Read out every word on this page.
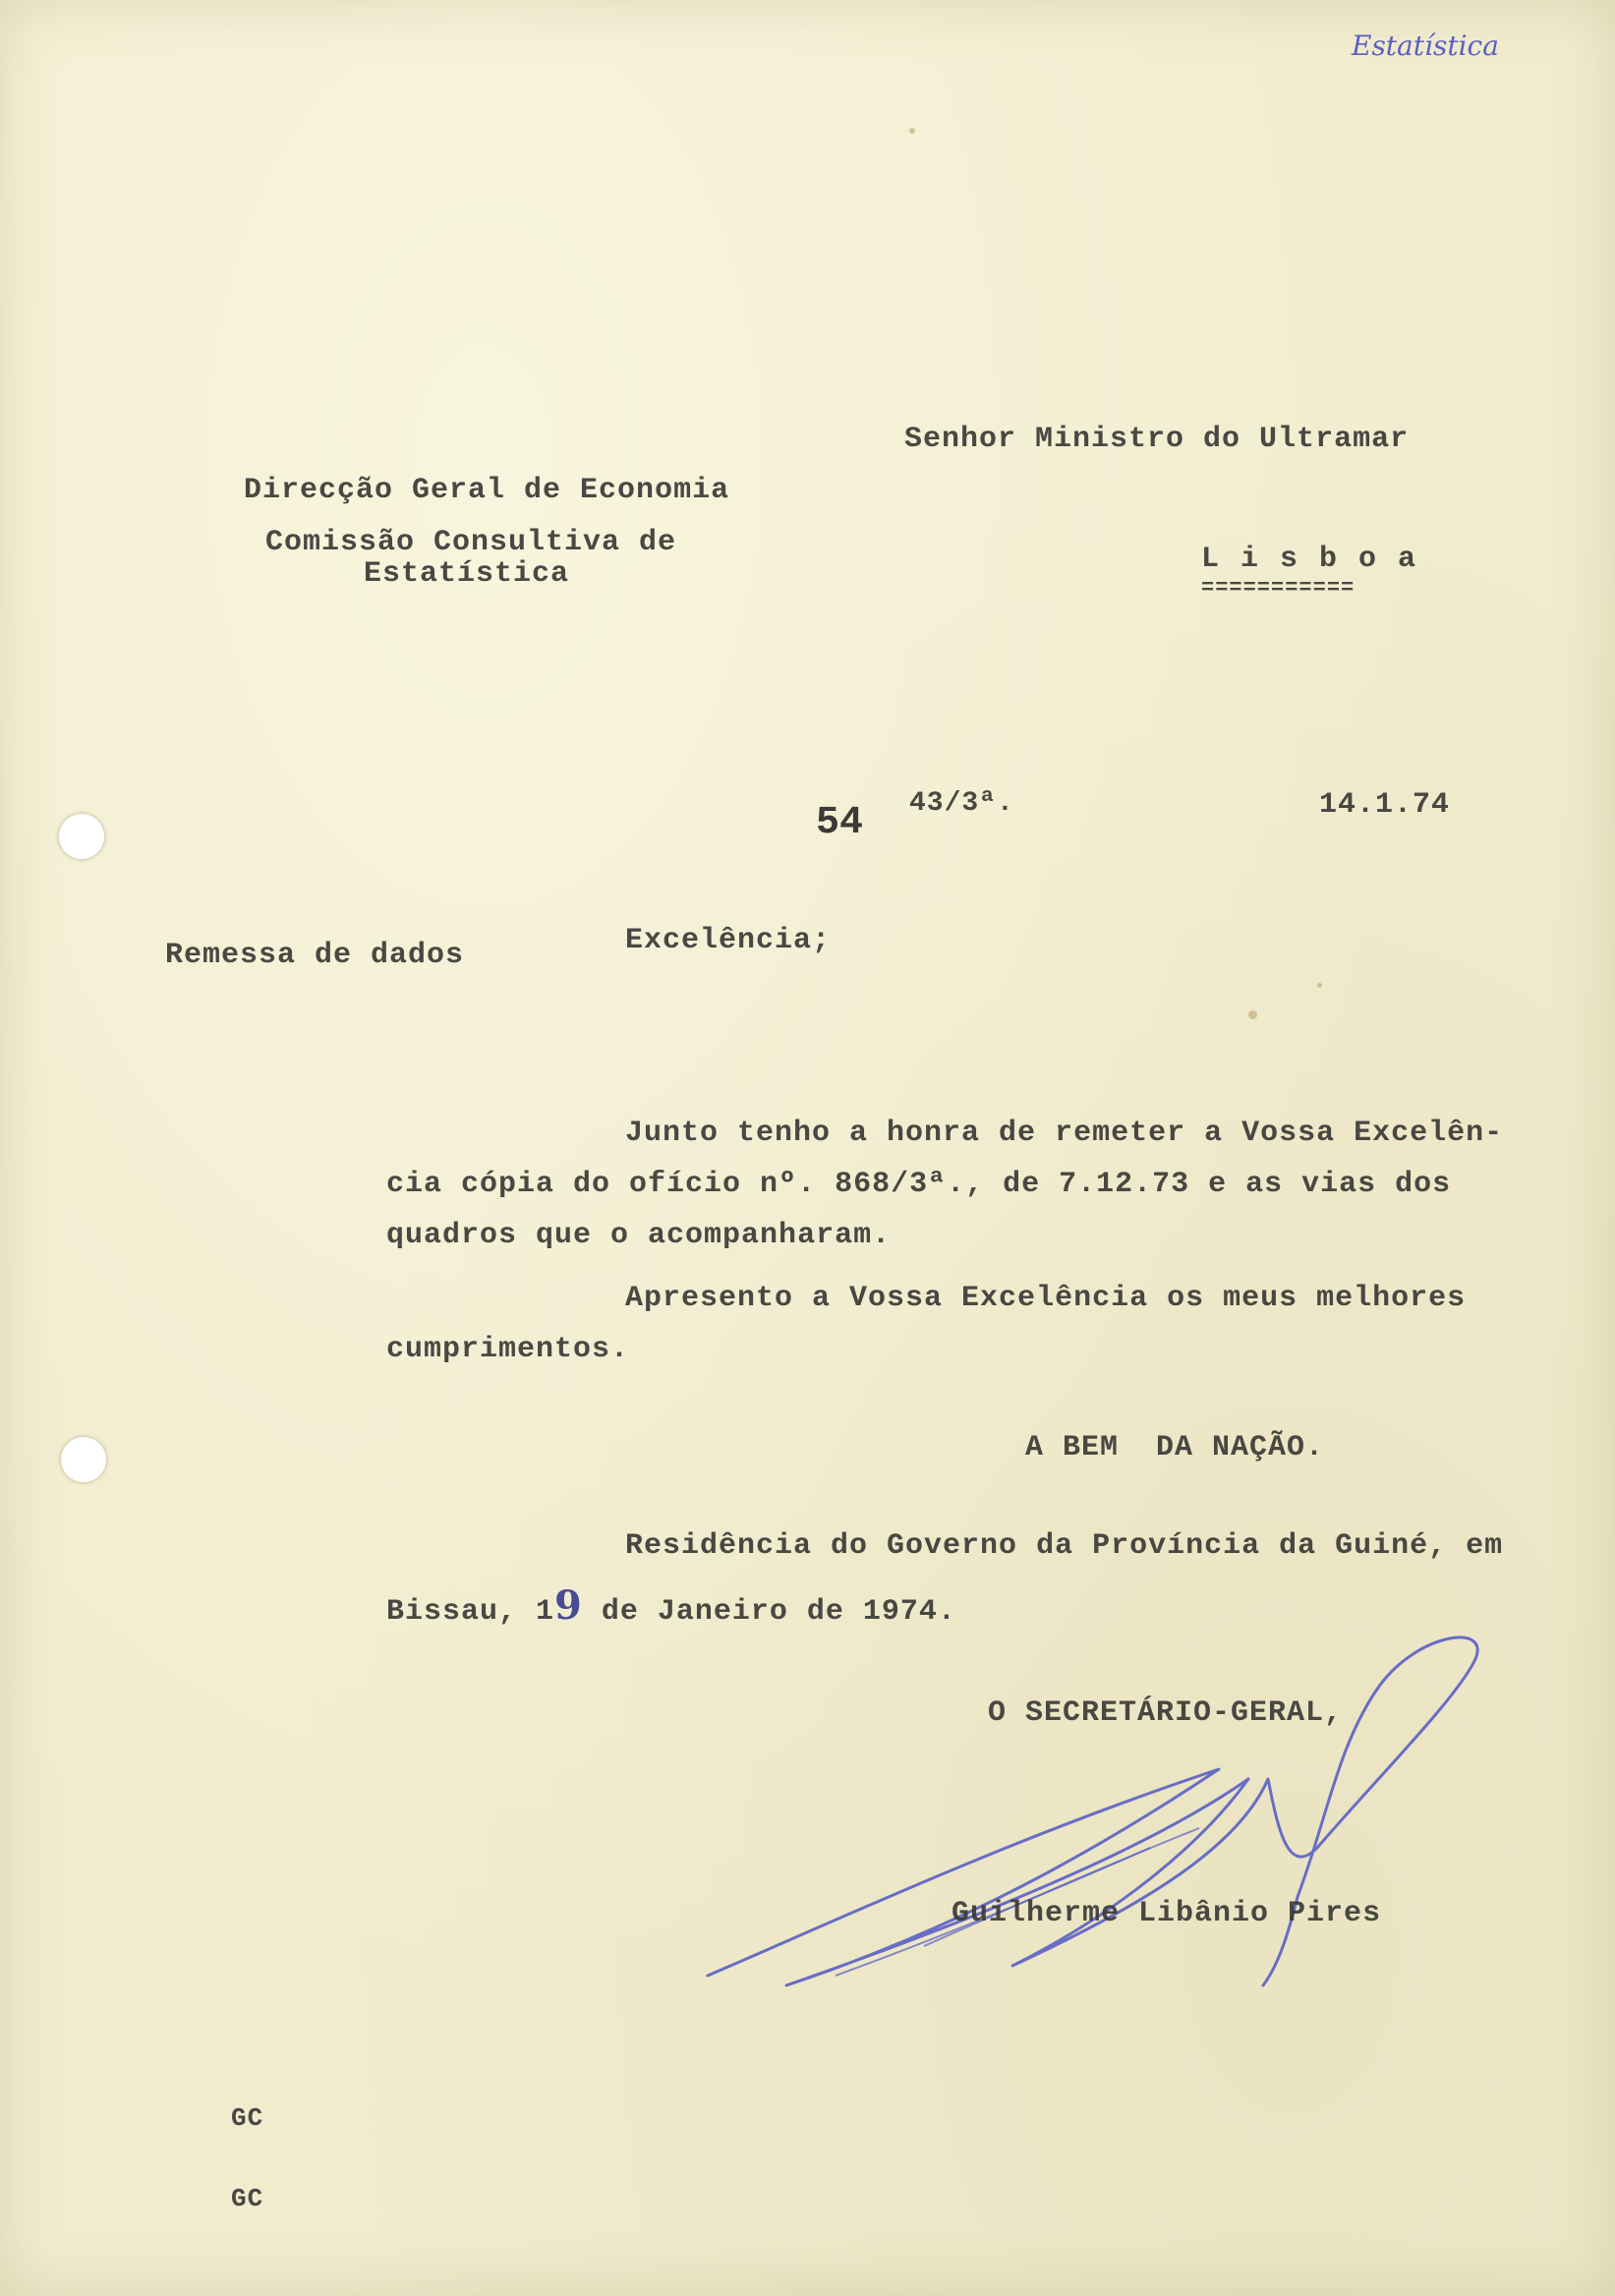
Estatística
Senhor Ministro do Ultramar
L i s b o a
===========
Direcção Geral de Economia
Comissão Consultiva de
Estatística
54 43/3ª.	14.1.74
Remessa de dados	Excelência;
Junto tenho a honra de remeter a Vossa Excelên-
cia cópia do ofício nº. 868/3ª., de 7.12.73 e as vias dos
quadros que o acompanharam.
Apresento a Vossa Excelência os meus melhores
cumprimentos.
A BEM  DA NAÇÃO.
Residência do Governo da Província da Guiné, em
Bissau, 19 de Janeiro de 1974.
O SECRETÁRIO-GERAL,
Guilherme Libânio Pires
GC
GC
